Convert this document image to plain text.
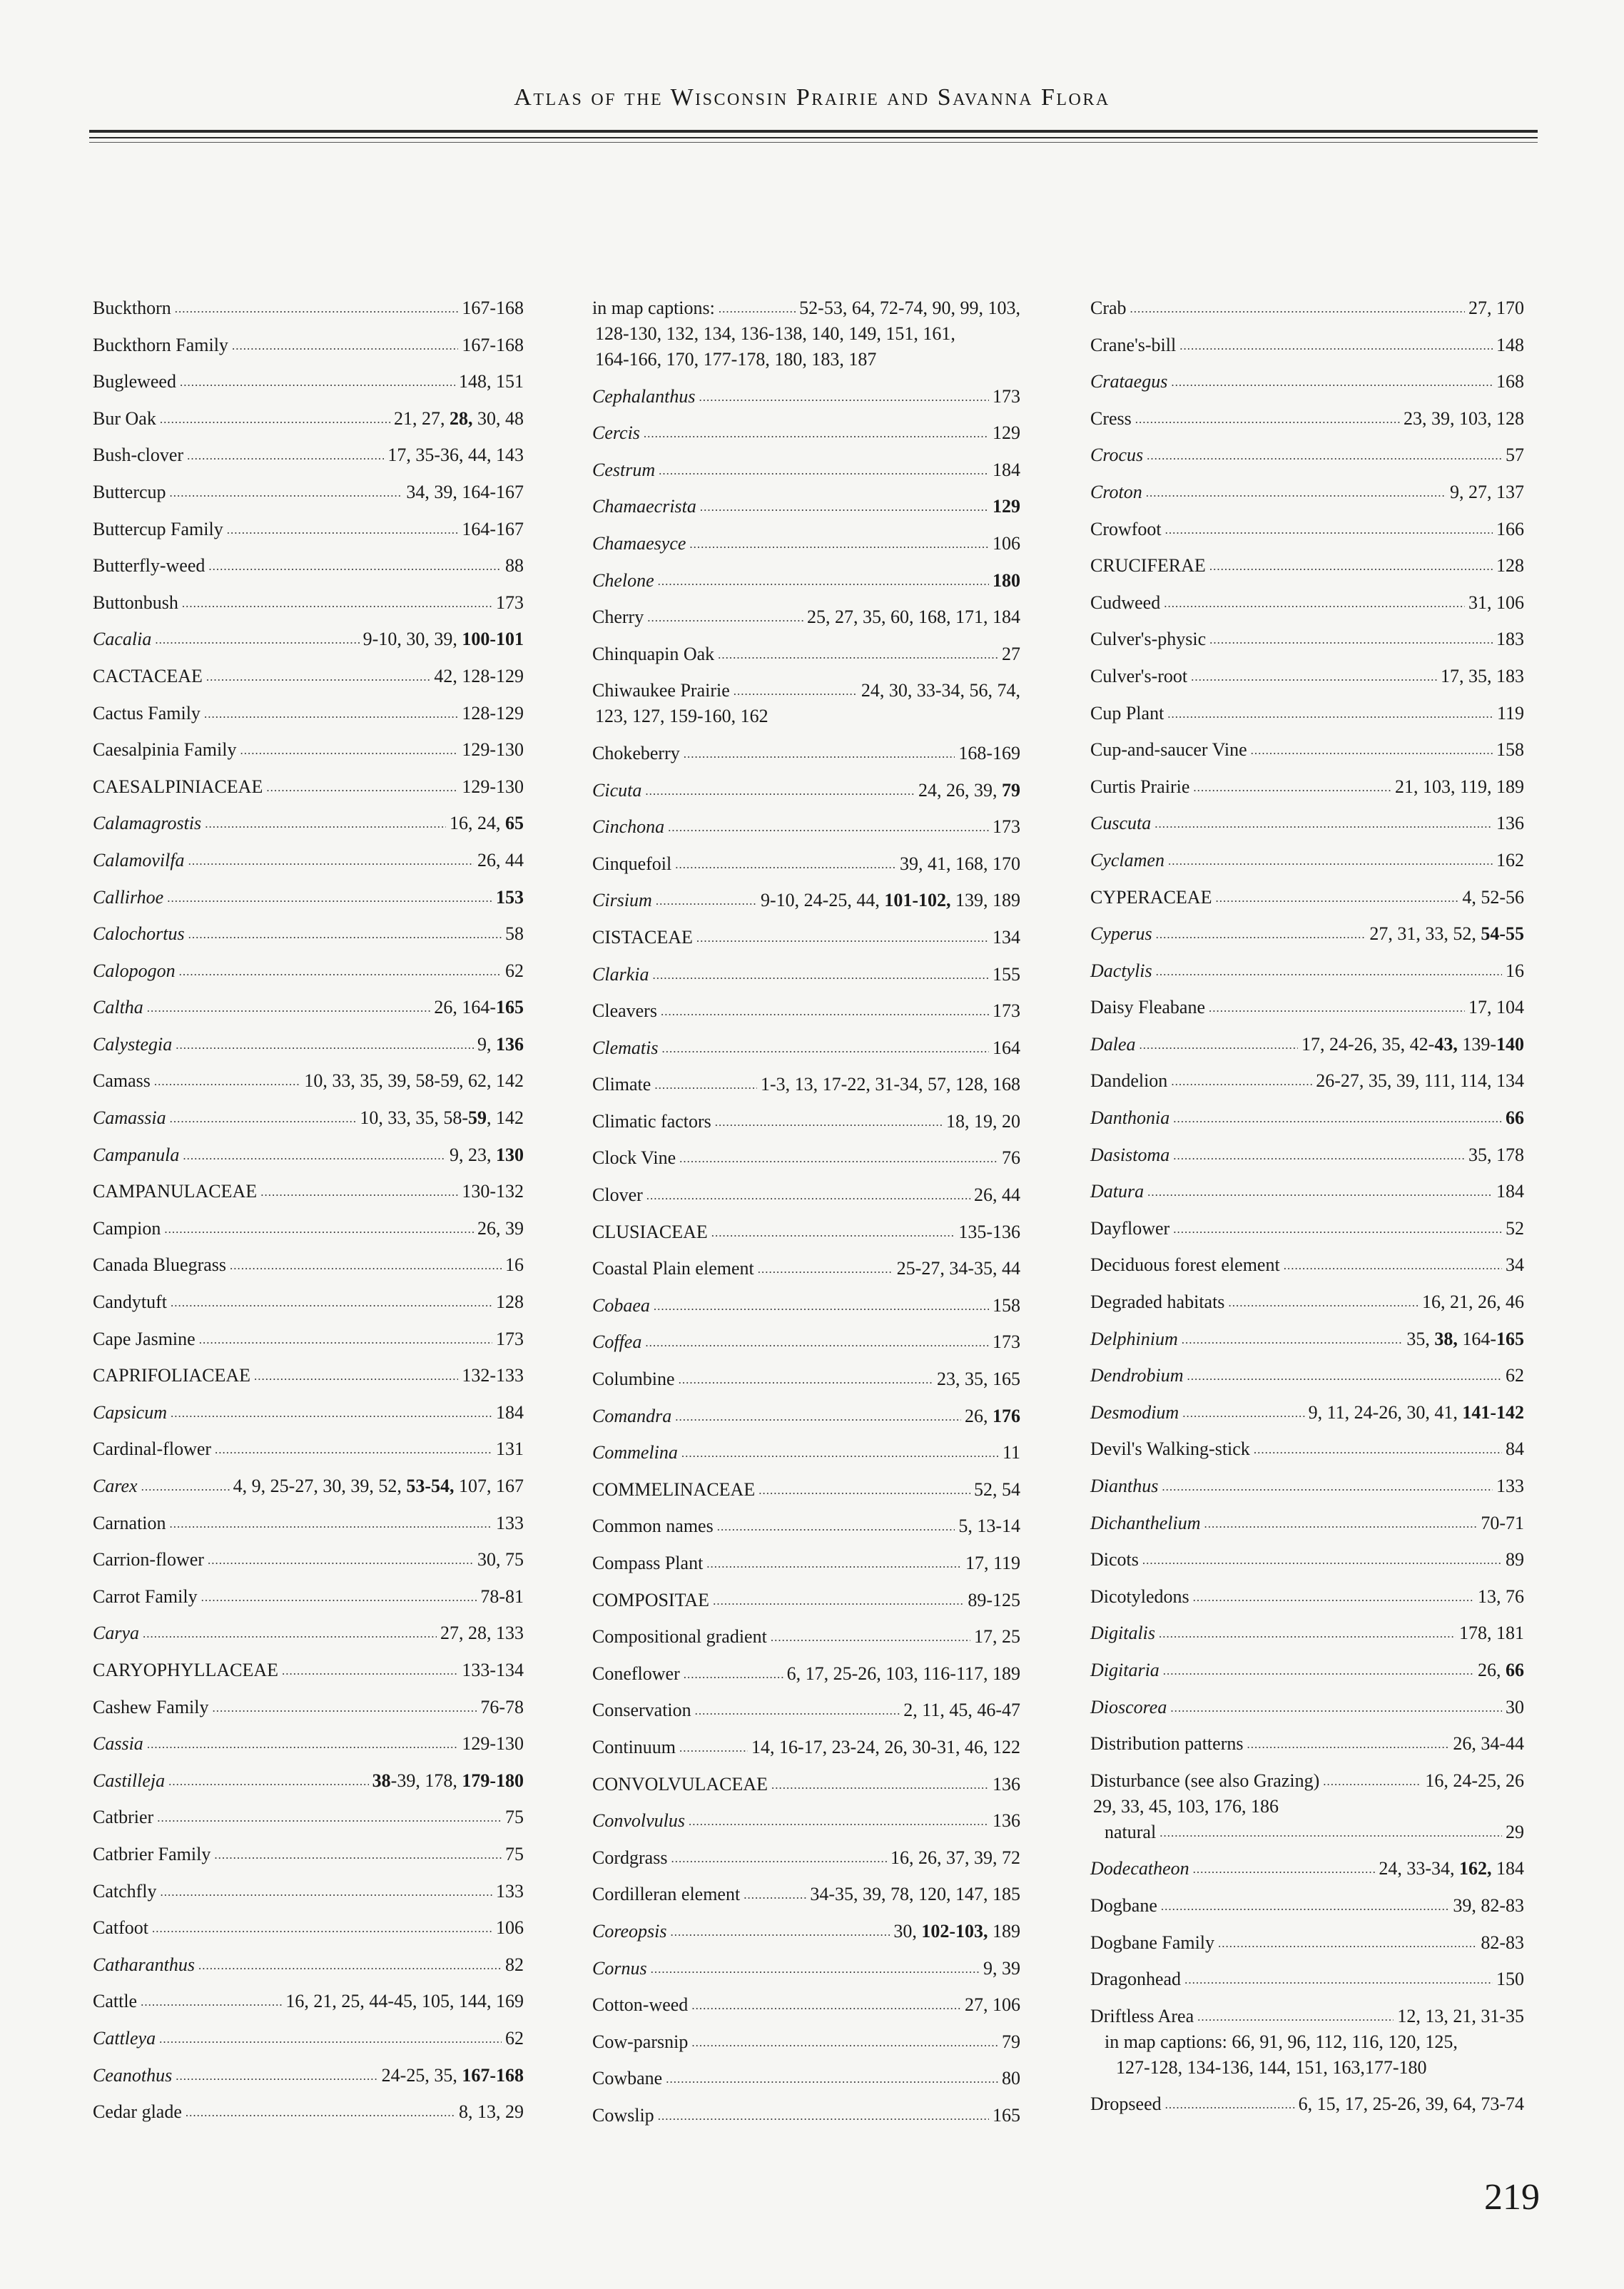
Atlas of the Wisconsin Prairie and Savanna Flora
Buckthorn .....	167-168
Buckthorn Family .....	167-168
Bugleweed .....	148, 151
Bur Oak .....	21, 27, 28, 30, 48
Bush-clover .....	17, 35-36, 44, 143
Buttercup .....	34, 39, 164-167
Buttercup Family .....	164-167
Butterfly-weed .....	88
Buttonbush .....	173
Cacalia .....	9-10, 30, 39, 100-101
CACTACEAE .....	42, 128-129
Cactus Family .....	128-129
Caesalpinia Family .....	129-130
CAESALPINIACEAE .....	129-130
Calamagrostis .....	16, 24, 65
Calamovilfa .....	26, 44
Callirhoe .....	153
Calochortus .....	58
Calopogon .....	62
Caltha .....	26, 164-165
Calystegia .....	9, 136
Camass .....	10, 33, 35, 39, 58-59, 62, 142
Camassia .....	10, 33, 35, 58-59, 142
Campanula .....	9, 23, 130
CAMPANULACEAE .....	130-132
Campion .....	26, 39
Canada Bluegrass .....	16
Candytuft .....	128
Cape Jasmine .....	173
CAPRIFOLIACEAE .....	132-133
Capsicum .....	184
Cardinal-flower .....	131
Carex .....	4, 9, 25-27, 30, 39, 52, 53-54, 107, 167
Carnation .....	133
Carrion-flower .....	30, 75
Carrot Family .....	78-81
Carya .....	27, 28, 133
CARYOPHYLLACEAE .....	133-134
Cashew Family .....	76-78
Cassia .....	129-130
Castilleja .....	38-39, 178, 179-180
Catbrier .....	75
Catbrier Family .....	75
Catchfly .....	133
Catfoot .....	106
Catharanthus .....	82
Cattle .....	16, 21, 25, 44-45, 105, 144, 169
Cattleya .....	62
Ceanothus .....	24-25, 35, 167-168
Cedar glade .....	8, 13, 29
in map captions: .....	52-53, 64, 72-74, 90, 99, 103,
128-130, 132, 134, 136-138, 140, 149, 151, 161,
164-166, 170, 177-178, 180, 183, 187
Cephalanthus .....	173
Cercis .....	129
Cestrum .....	184
Chamaecrista .....	129
Chamaesyce .....	106
Chelone .....	180
Cherry .....	25, 27, 35, 60, 168, 171, 184
Chinquapin Oak .....	27
Chiwaukee Prairie .....	24, 30, 33-34, 56, 74,
123, 127, 159-160, 162
Chokeberry .....	168-169
Cicuta .....	24, 26, 39, 79
Cinchona .....	173
Cinquefoil .....	39, 41, 168, 170
Cirsium .....	9-10, 24-25, 44, 101-102, 139, 189
CISTACEAE .....	134
Clarkia .....	155
Cleavers .....	173
Clematis .....	164
Climate .....	1-3, 13, 17-22, 31-34, 57, 128, 168
Climatic factors .....	18, 19, 20
Clock Vine .....	76
Clover .....	26, 44
CLUSIACEAE .....	135-136
Coastal Plain element .....	25-27, 34-35, 44
Cobaea .....	158
Coffea .....	173
Columbine .....	23, 35, 165
Comandra .....	26, 176
Commelina .....	11
COMMELINACEAE .....	52, 54
Common names .....	5, 13-14
Compass Plant .....	17, 119
COMPOSITAE .....	89-125
Compositional gradient .....	17, 25
Coneflower .....	6, 17, 25-26, 103, 116-117, 189
Conservation .....	2, 11, 45, 46-47
Continuum .....	14, 16-17, 23-24, 26, 30-31, 46, 122
CONVOLVULACEAE .....	136
Convolvulus .....	136
Cordgrass .....	16, 26, 37, 39, 72
Cordilleran element .....	34-35, 39, 78, 120, 147, 185
Coreopsis .....	30, 102-103, 189
Cornus .....	9, 39
Cotton-weed .....	27, 106
Cow-parsnip .....	79
Cowbane .....	80
Cowslip .....	165
Crab .....	27, 170
Crane's-bill .....	148
Crataegus .....	168
Cress .....	23, 39, 103, 128
Crocus .....	57
Croton .....	9, 27, 137
Crowfoot .....	166
CRUCIFERAE .....	128
Cudweed .....	31, 106
Culver's-physic .....	183
Culver's-root .....	17, 35, 183
Cup Plant .....	119
Cup-and-saucer Vine .....	158
Curtis Prairie .....	21, 103, 119, 189
Cuscuta .....	136
Cyclamen .....	162
CYPERACEAE .....	4, 52-56
Cyperus .....	27, 31, 33, 52, 54-55
Dactylis .....	16
Daisy Fleabane .....	17, 104
Dalea .....	17, 24-26, 35, 42-43, 139-140
Dandelion .....	26-27, 35, 39, 111, 114, 134
Danthonia .....	66
Dasistoma .....	35, 178
Datura .....	184
Dayflower .....	52
Deciduous forest element .....	34
Degraded habitats .....	16, 21, 26, 46
Delphinium .....	35, 38, 164-165
Dendrobium .....	62
Desmodium .....	9, 11, 24-26, 30, 41, 141-142
Devil's Walking-stick .....	84
Dianthus .....	133
Dichanthelium .....	70-71
Dicots .....	89
Dicotyledons .....	13, 76
Digitalis .....	178, 181
Digitaria .....	26, 66
Dioscorea .....	30
Distribution patterns .....	26, 34-44
Disturbance (see also Grazing) .....	16, 24-25, 26
29, 33, 45, 103, 176, 186
natural .....	29
Dodecatheon .....	24, 33-34, 162, 184
Dogbane .....	39, 82-83
Dogbane Family .....	82-83
Dragonhead .....	150
Driftless Area .....	12, 13, 21, 31-35
in map captions: 66, 91, 96, 112, 116, 120, 125,
127-128, 134-136, 144, 151, 163,177-180
Dropseed .....	6, 15, 17, 25-26, 39, 64, 73-74
219
